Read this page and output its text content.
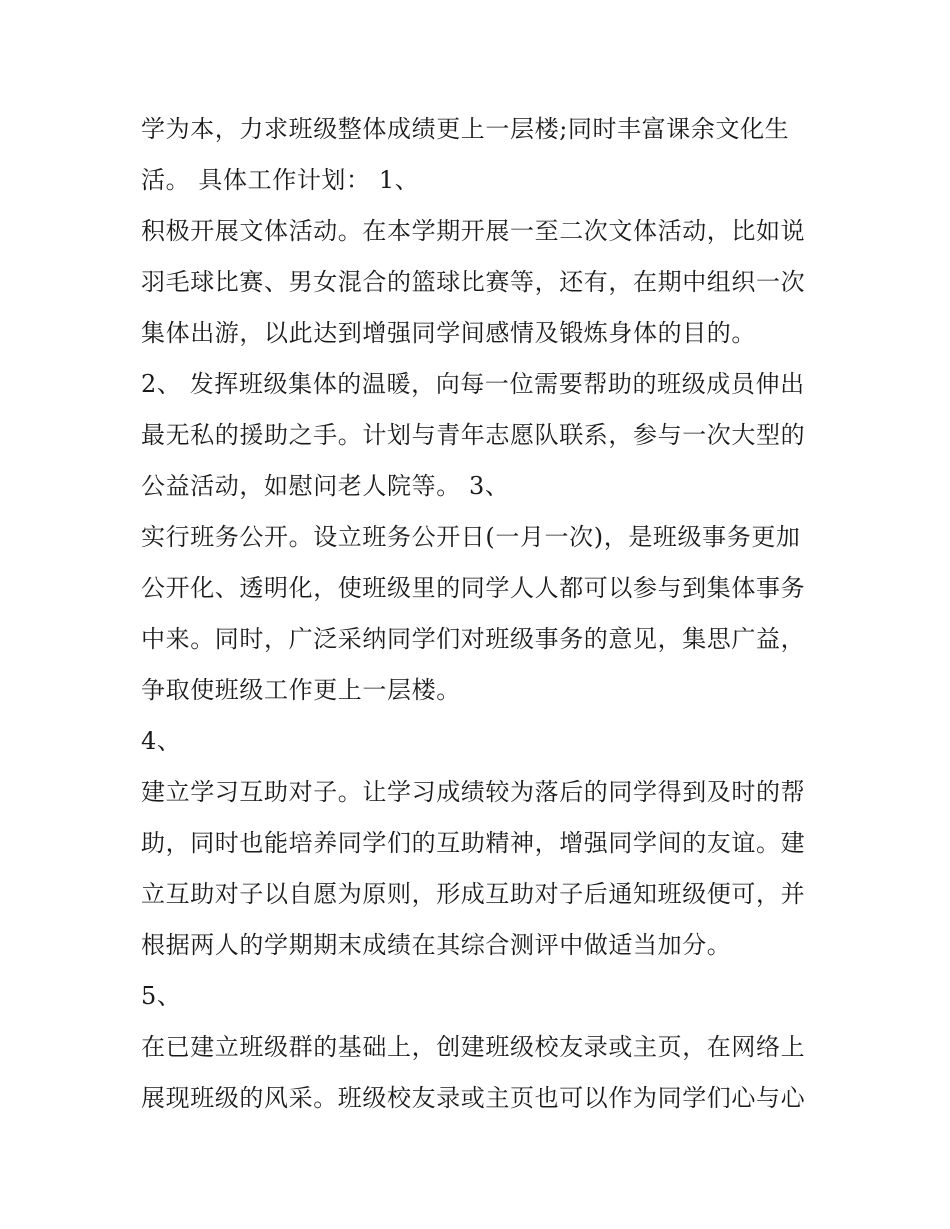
学为本，力求班级整体成绩更上一层楼;同时丰富课余文化生
活。 具体工作计划： 1、
积极开展文体活动。在本学期开展一至二次文体活动，比如说
羽毛球比赛、男女混合的篮球比赛等，还有，在期中组织一次
集体出游，以此达到增强同学间感情及锻炼身体的目的。
2、 发挥班级集体的温暖，向每一位需要帮助的班级成员伸出
最无私的援助之手。计划与青年志愿队联系，参与一次大型的
公益活动，如慰问老人院等。 3、
实行班务公开。设立班务公开日(一月一次)，是班级事务更加
公开化、透明化，使班级里的同学人人都可以参与到集体事务
中来。同时，广泛采纳同学们对班级事务的意见，集思广益，
争取使班级工作更上一层楼。
4、
建立学习互助对子。让学习成绩较为落后的同学得到及时的帮
助，同时也能培养同学们的互助精神，增强同学间的友谊。建
立互助对子以自愿为原则，形成互助对子后通知班级便可，并
根据两人的学期期末成绩在其综合测评中做适当加分。
5、
在已建立班级群的基础上，创建班级校友录或主页，在网络上
展现班级的风采。班级校友录或主页也可以作为同学们心与心
